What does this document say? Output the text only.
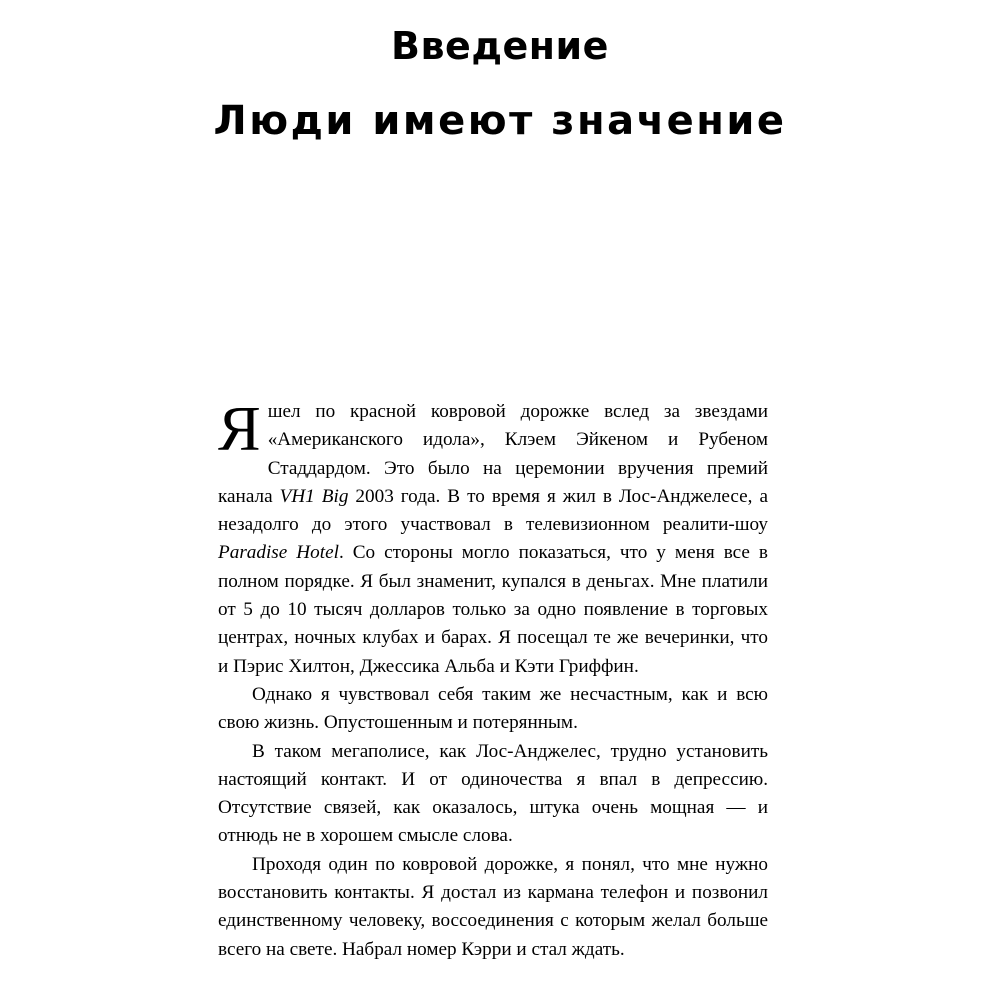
Введение
Люди имеют значение

Яшел по красной ковровой дорожке вслед за звездами «Американского идола», Клэем Эйкеном и Рубеном Стаддардом. Это было на церемонии вручения премий канала VH1 Big 2003 года. В то время я жил в Лос-Анджелесе, а незадолго до этого участвовал в телевизионном реалити-шоу Paradise Hotel. Со стороны могло показаться, что у меня все в полном порядке. Я был знаменит, купался в деньгах. Мне платили от 5 до 10 тысяч долларов только за одно появление в торговых центрах, ночных клубах и барах. Я посещал те же вечеринки, что и Пэрис Хилтон, Джессика Альба и Кэти Гриффин.

Однако я чувствовал себя таким же несчастным, как и всю свою жизнь. Опустошенным и потерянным.

В таком мегаполисе, как Лос-Анджелес, трудно установить настоящий контакт. И от одиночества я впал в депрессию. Отсутствие связей, как оказалось, штука очень мощная — и отнюдь не в хорошем смысле слова.

Проходя один по ковровой дорожке, я понял, что мне нужно восстановить контакты. Я достал из кармана телефон и позвонил единственному человеку, воссоединения с которым желал больше всего на свете. Набрал номер Кэрри и стал ждать.
